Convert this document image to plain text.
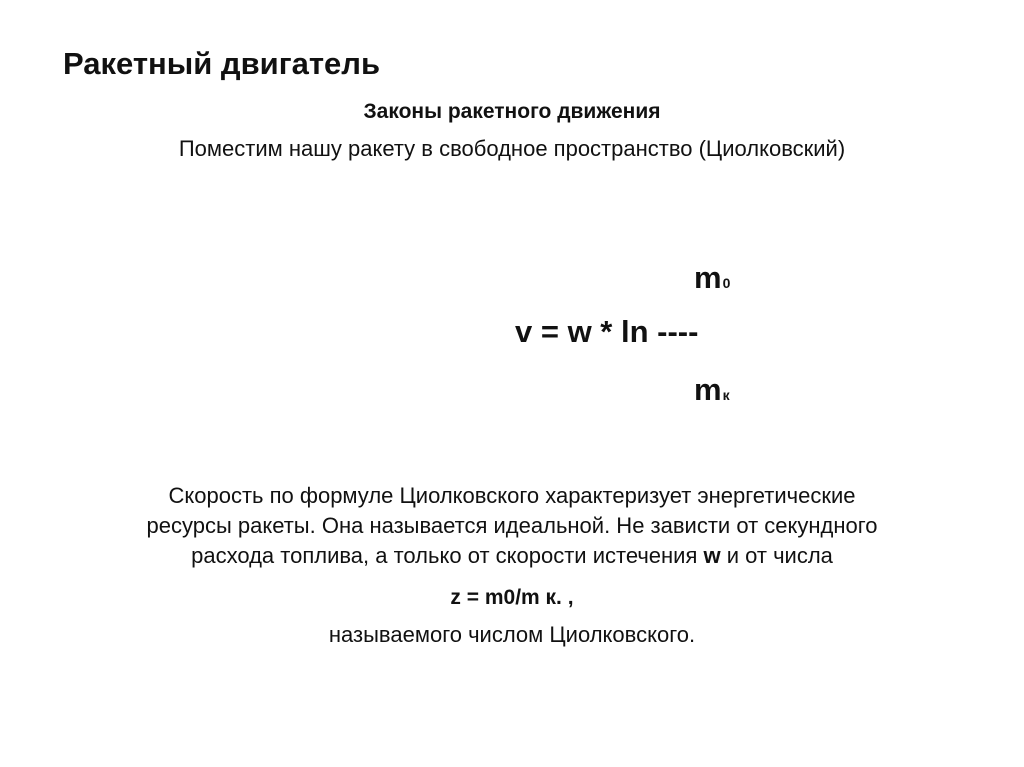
Ракетный двигатель
Законы ракетного движения
Поместим нашу ракету в свободное пространство (Циолковский)
m0
v = w * ln ----
mк
Скорость по формуле Циолковского характеризует энергетические
ресурсы ракеты. Она называется идеальной. Не зависти от секундного
расхода топлива, а только от скорости истечения w и от числа
z = m0/m к. ,
называемого числом Циолковского.
